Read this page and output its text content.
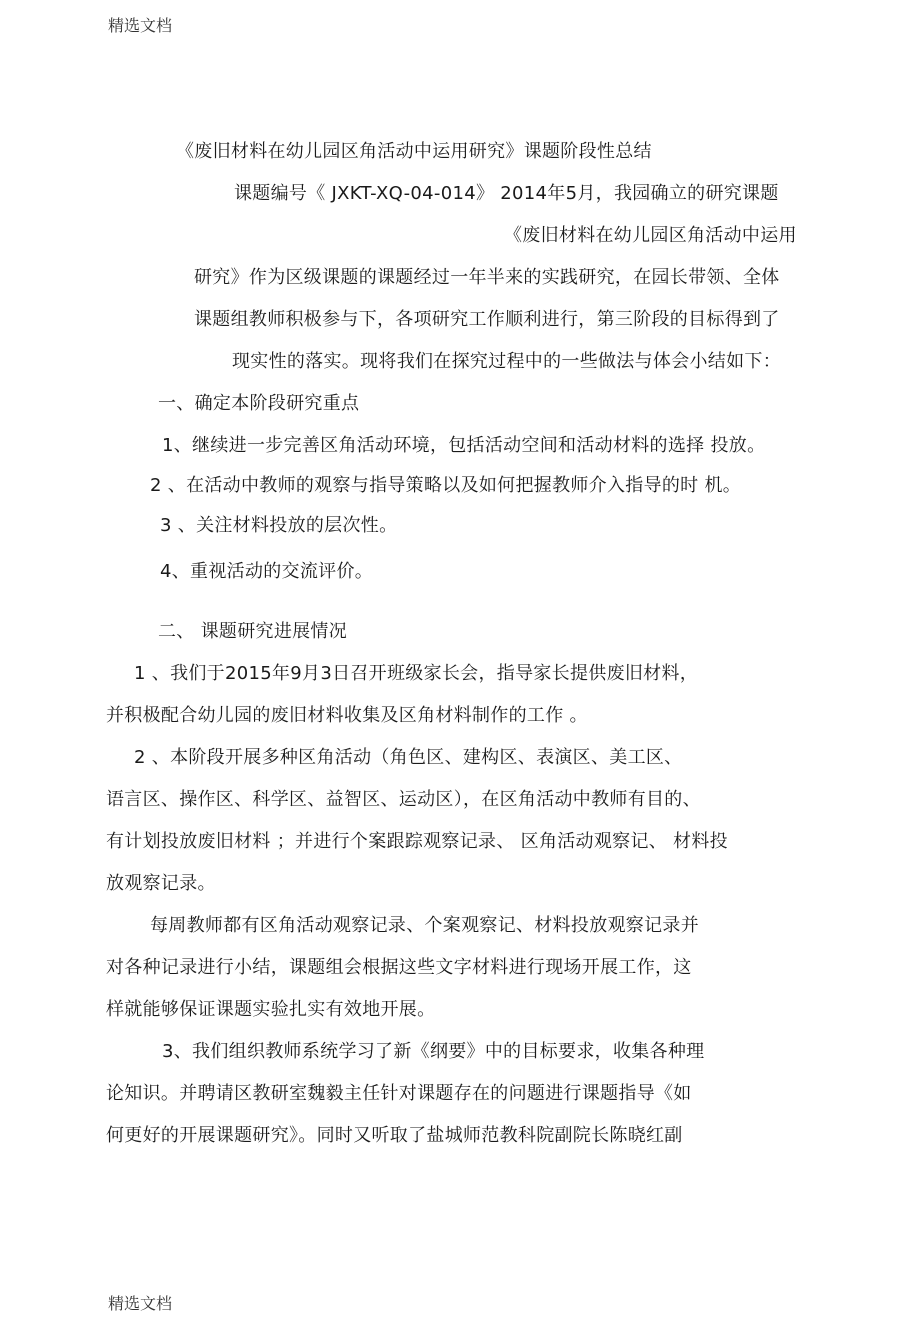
精选文档
《废旧材料在幼儿园区角活动中运用研究》课题阶段性总结
课题编号《 JXKT-XQ-04-014》 2014年5月，我园确立的研究课题
《废旧材料在幼儿园区角活动中运用
研究》作为区级课题的课题经过一年半来的实践研究，在园长带领、全体
课题组教师积极参与下，各项研究工作顺利进行，第三阶段的目标得到了
现实性的落实。现将我们在探究过程中的一些做法与体会小结如下：
一、确定本阶段研究重点
1、继续进一步完善区角活动环境，包括活动空间和活动材料的选择 投放。
2 、在活动中教师的观察与指导策略以及如何把握教师介入指导的时 机。
3 、关注材料投放的层次性。
4、重视活动的交流评价。
二、 课题研究进展情况
1 、我们于2015年9月3日召开班级家长会，指导家长提供废旧材料，
并积极配合幼儿园的废旧材料收集及区角材料制作的工作 。
2 、本阶段开展多种区角活动（角色区、建构区、表演区、美工区、
语言区、操作区、科学区、益智区、运动区），在区角活动中教师有目的、
有计划投放废旧材料 ；并进行个案跟踪观察记录、 区角活动观察记、 材料投
放观察记录。
每周教师都有区角活动观察记录、个案观察记、材料投放观察记录并
对各种记录进行小结，课题组会根据这些文字材料进行现场开展工作，这
样就能够保证课题实验扎实有效地开展。
3、我们组织教师系统学习了新《纲要》中的目标要求，收集各种理
论知识。并聘请区教研室魏毅主任针对课题存在的问题进行课题指导《如
何更好的开展课题研究》。同时又听取了盐城师范教科院副院长陈晓红副
精选文档
